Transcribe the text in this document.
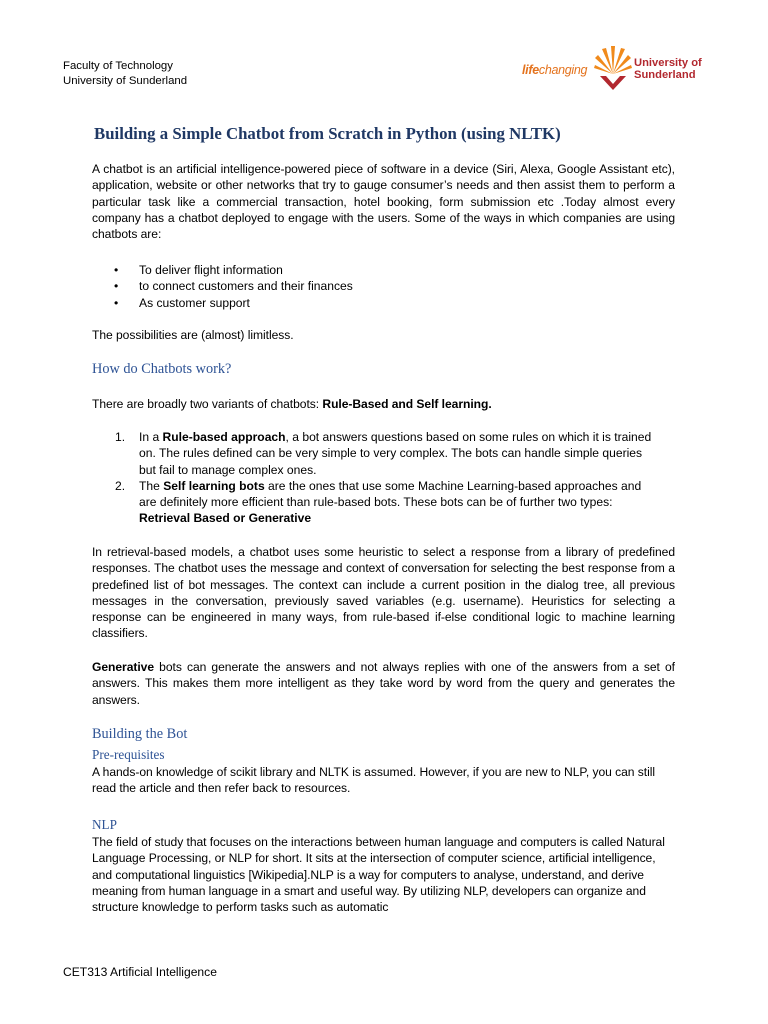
Faculty of Technology
University of Sunderland
lifechanging	University of
Sunderland
Building a Simple Chatbot from Scratch in Python (using NLTK)

A chatbot is an artificial intelligence-powered piece of software in a device (Siri, Alexa, Google Assistant etc), application, website or other networks that try to gauge consumer’s needs and then assist them to perform a particular task like a commercial transaction, hotel booking, form submission etc .Today almost every company has a chatbot deployed to engage with the users. Some of the ways in which companies are using chatbots are:

• To deliver flight information
• to connect customers and their finances
• As customer support

The possibilities are (almost) limitless.

How do Chatbots work?

There are broadly two variants of chatbots: Rule-Based and Self learning.

1. In a Rule-based approach, a bot answers questions based on some rules on which it is trained on. The rules defined can be very simple to very complex. The bots can handle simple queries but fail to manage complex ones.
2. The Self learning bots are the ones that use some Machine Learning-based approaches and are definitely more efficient than rule-based bots. These bots can be of further two types: Retrieval Based or Generative

In retrieval-based models, a chatbot uses some heuristic to select a response from a library of predefined responses. The chatbot uses the message and context of conversation for selecting the best response from a predefined list of bot messages. The context can include a current position in the dialog tree, all previous messages in the conversation, previously saved variables (e.g. username). Heuristics for selecting a response can be engineered in many ways, from rule-based if-else conditional logic to machine learning classifiers.

Generative bots can generate the answers and not always replies with one of the answers from a set of answers. This makes them more intelligent as they take word by word from the query and generates the answers.

Building the Bot
Pre-requisites

A hands-on knowledge of scikit library and NLTK is assumed. However, if you are new to NLP, you can still read the article and then refer back to resources.

NLP

The field of study that focuses on the interactions between human language and computers is called Natural Language Processing, or NLP for short. It sits at the intersection of computer science, artificial intelligence, and computational linguistics [Wikipedia].NLP is a way for computers to analyse, understand, and derive meaning from human language in a smart and useful way. By utilizing NLP, developers can organize and structure knowledge to perform tasks such as automatic

CET313 Artificial Intelligence
